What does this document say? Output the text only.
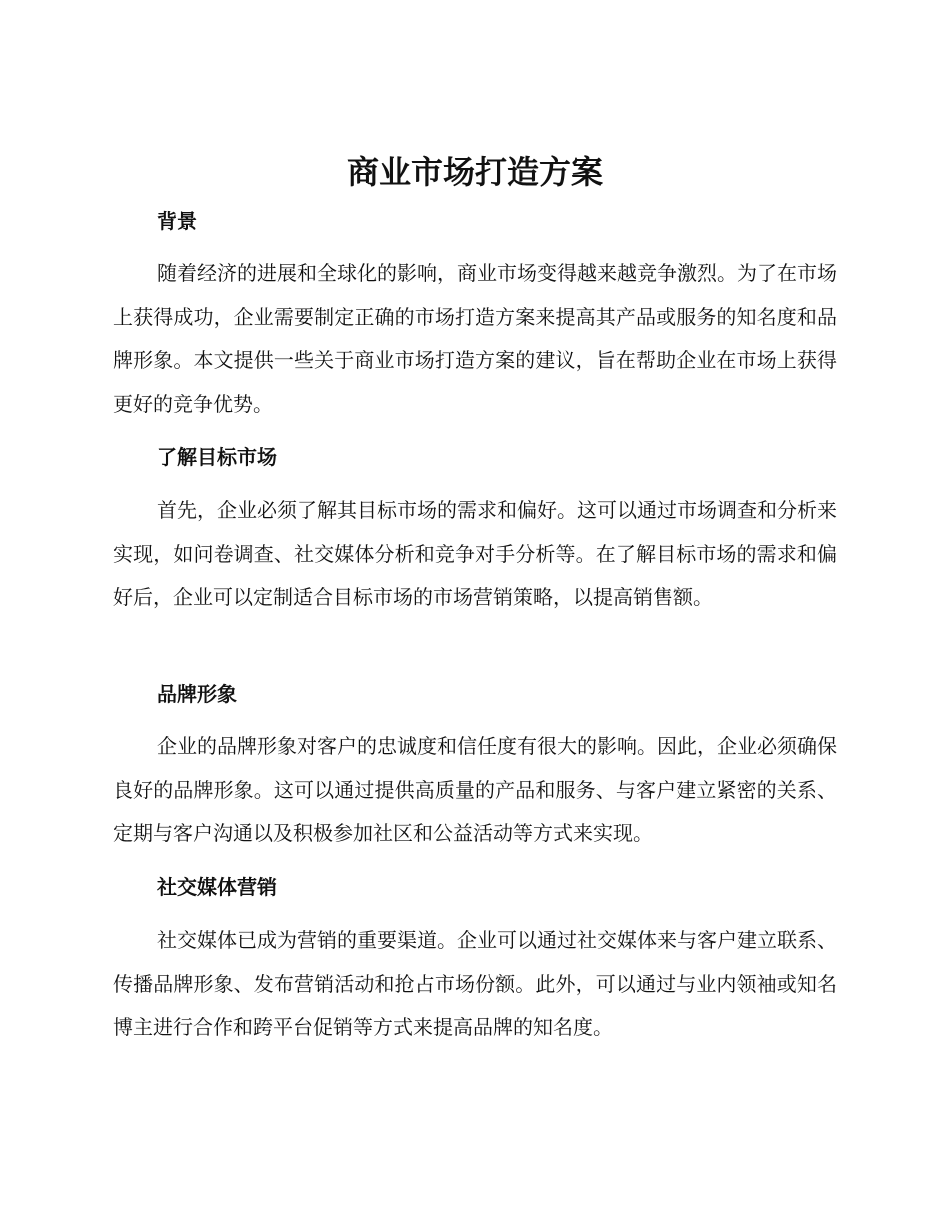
商业市场打造方案
背景

随着经济的进展和全球化的影响，商业市场变得越来越竞争激烈。为了在市场上获得成功，企业需要制定正确的市场打造方案来提高其产品或服务的知名度和品牌形象。本文提供一些关于商业市场打造方案的建议，旨在帮助企业在市场上获得更好的竞争优势。

了解目标市场

首先，企业必须了解其目标市场的需求和偏好。这可以通过市场调查和分析来实现，如问卷调查、社交媒体分析和竞争对手分析等。在了解目标市场的需求和偏好后，企业可以定制适合目标市场的市场营销策略，以提高销售额。

品牌形象

企业的品牌形象对客户的忠诚度和信任度有很大的影响。因此，企业必须确保良好的品牌形象。这可以通过提供高质量的产品和服务、与客户建立紧密的关系、定期与客户沟通以及积极参加社区和公益活动等方式来实现。

社交媒体营销

社交媒体已成为营销的重要渠道。企业可以通过社交媒体来与客户建立联系、传播品牌形象、发布营销活动和抢占市场份额。此外，可以通过与业内领袖或知名博主进行合作和跨平台促销等方式来提高品牌的知名度。
